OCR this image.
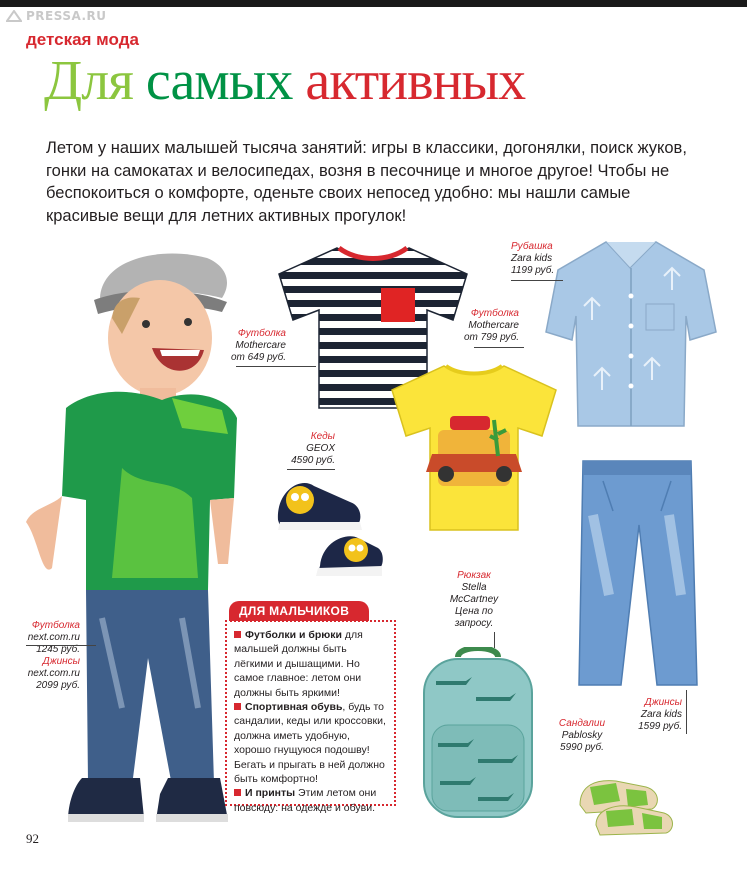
PRESSA.RU
детская мода
Для самых активных
Летом у наших малышей тысяча занятий: игры в классики, догонялки, поиск жуков, гонки на самокатах и велосипедах, возня в песочнице и многое другое! Чтобы не беспокоиться о комфорте, оденьте своих непосед удобно: мы нашли самые красивые вещи для летних активных прогулок!
Рубашка
Zara kids
1199 руб.
Футболка
Mothercare
от 649 руб.
Футболка
Mothercare
от 799 руб.
Кеды
GEOX
4590 руб.
Рюкзак
Stella
McCartney
Цена по
запросу.
Джинсы
Zara kids
1599 руб.
Сандалии
Pablosky
5990 руб.
Футболка
next.com.ru
1245 руб.
Джинсы
next.com.ru
2099 руб.
ДЛЯ МАЛЬЧИКОВ

Футболки и брюки для мальшей должны быть лёгкими и дышащими. Но самое главное: летом они должны быть яркими!

Спортивная обувь, будь то сандалии, кеды или кроссовки, должна иметь удобную, хорошо гнущуюся подошву! Бегать и прыгать в ней должно быть комфортно!

И принты Этим летом они повсюду: на одежде и обуви.

92
